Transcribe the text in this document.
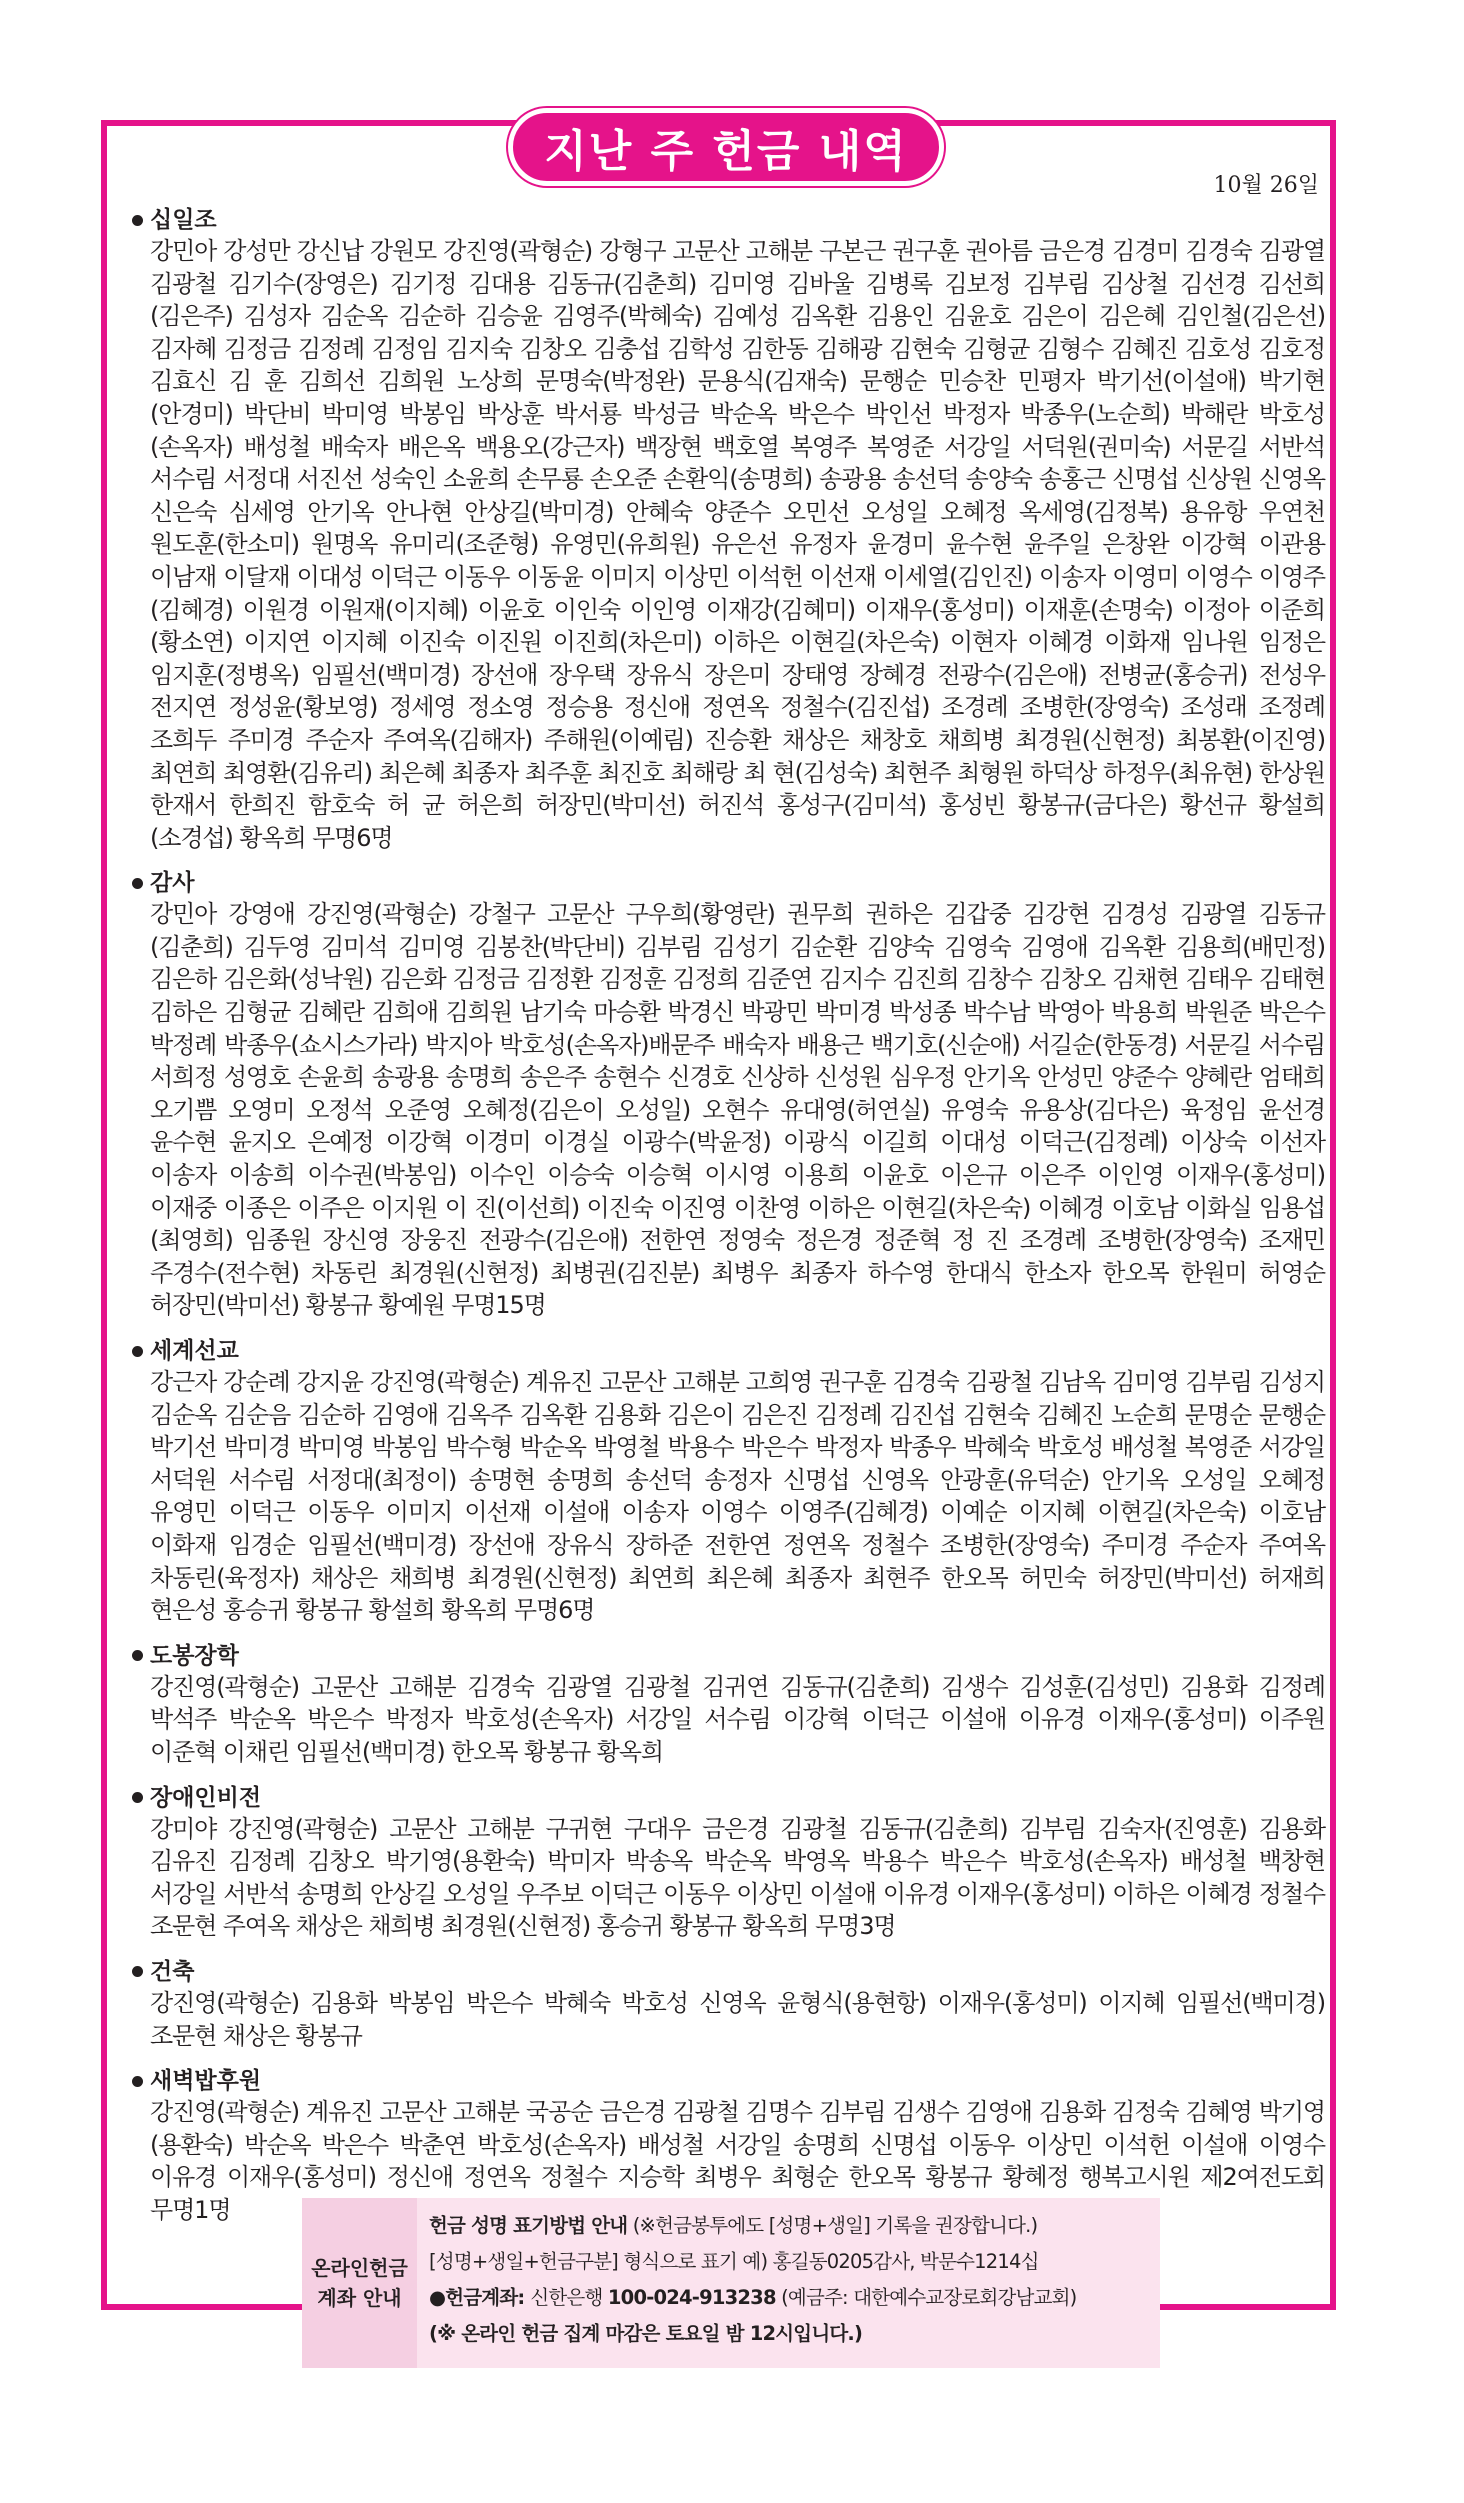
지난 주 헌금 내역
10월 26일
십일조
강민아 강성만 강신납 강원모 강진영(곽형순) 강형구 고문산 고해분 구본근 권구훈 권아름 금은경 김경미 김경숙 김광열 김광철 김기수(장영은) 김기정 김대용 김동규(김춘희) 김미영 김바울 김병록 김보정 김부림 김상철 김선경 김선희(김은주) 김성자 김순옥 김순하 김승윤 김영주(박혜숙) 김예성 김옥환 김용인 김윤호 김은이 김은혜 김인철(김은선) 김자혜 김정금 김정례 김정임 김지숙 김창오 김충섭 김학성 김한동 김해광 김현숙 김형균 김형수 김혜진 김호성 김호정 김효신 김 훈 김희선 김희원 노상희 문명숙(박정완) 문용식(김재숙) 문행순 민승찬 민평자 박기선(이설애) 박기현(안경미) 박단비 박미영 박봉임 박상훈 박서룡 박성금 박순옥 박은수 박인선 박정자 박종우(노순희) 박해란 박호성(손옥자) 배성철 배숙자 배은옥 백용오(강근자) 백장현 백호열 복영주 복영준 서강일 서덕원(권미숙) 서문길 서반석 서수림 서정대 서진선 성숙인 소윤희 손무룡 손오준 손환익(송명희) 송광용 송선덕 송양숙 송홍근 신명섭 신상원 신영옥 신은숙 심세영 안기옥 안나현 안상길(박미경) 안혜숙 양준수 오민선 오성일 오혜정 옥세영(김정복) 용유항 우연천 원도훈(한소미) 원명옥 유미리(조준형) 유영민(유희원) 유은선 유정자 윤경미 윤수현 윤주일 은창완 이강혁 이관용 이남재 이달재 이대성 이덕근 이동우 이동윤 이미지 이상민 이석헌 이선재 이세열(김인진) 이송자 이영미 이영수 이영주(김혜경) 이원경 이원재(이지혜) 이윤호 이인숙 이인영 이재강(김혜미) 이재우(홍성미) 이재훈(손명숙) 이정아 이준희(황소연) 이지연 이지혜 이진숙 이진원 이진희(차은미) 이하은 이현길(차은숙) 이현자 이혜경 이화재 임나원 임정은 임지훈(정병옥) 임필선(백미경) 장선애 장우택 장유식 장은미 장태영 장혜경 전광수(김은애) 전병균(홍승귀) 전성우 전지연 정성윤(황보영) 정세영 정소영 정승용 정신애 정연옥 정철수(김진섭) 조경례 조병한(장영숙) 조성래 조정례 조희두 주미경 주순자 주여옥(김해자) 주해원(이예림) 진승환 채상은 채창호 채희병 최경원(신현정) 최봉환(이진영) 최연희 최영환(김유리) 최은혜 최종자 최주훈 최진호 최해랑 최 현(김성숙) 최현주 최형원 하덕상 하정우(최유현) 한상원 한재서 한희진 함호숙 허 균 허은희 허장민(박미선) 허진석 홍성구(김미석) 홍성빈 황봉규(금다은) 황선규 황설희(소경섭) 황옥희 무명6명
감사
강민아 강영애 강진영(곽형순) 강철구 고문산 구우희(황영란) 권무희 권하은 김갑중 김강현 김경성 김광열 김동규(김춘희) 김두영 김미석 김미영 김봉찬(박단비) 김부림 김성기 김순환 김양숙 김영숙 김영애 김옥환 김용희(배민정) 김은하 김은화(성낙원) 김은화 김정금 김정환 김정훈 김정희 김준연 김지수 김진희 김창수 김창오 김채현 김태우 김태현 김하은 김형균 김혜란 김희애 김희원 남기숙 마승환 박경신 박광민 박미경 박성종 박수남 박영아 박용희 박원준 박은수 박정례 박종우(쇼시스가라) 박지아 박호성(손옥자)배문주 배숙자 배용근 백기호(신순애) 서길순(한동경) 서문길 서수림 서희정 성영호 손윤희 송광용 송명희 송은주 송현수 신경호 신상하 신성원 심우정 안기옥 안성민 양준수 양혜란 엄태희 오기쁨 오영미 오정석 오준영 오혜정(김은이 오성일) 오현수 유대영(허연실) 유영숙 유용상(김다은) 육정임 윤선경 윤수현 윤지오 은예정 이강혁 이경미 이경실 이광수(박윤정) 이광식 이길희 이대성 이덕근(김정례) 이상숙 이선자 이송자 이송희 이수권(박봉임) 이수인 이승숙 이승혁 이시영 이용희 이윤호 이은규 이은주 이인영 이재우(홍성미) 이재중 이종은 이주은 이지원 이 진(이선희) 이진숙 이진영 이찬영 이하은 이현길(차은숙) 이혜경 이호남 이화실 임용섭(최영희) 임종원 장신영 장웅진 전광수(김은애) 전한연 정영숙 정은경 정준혁 정 진 조경례 조병한(장영숙) 조재민 주경수(전수현) 차동린 최경원(신현정) 최병권(김진분) 최병우 최종자 하수영 한대식 한소자 한오목 한원미 허영순 허장민(박미선) 황봉규 황예원 무명15명
세계선교
강근자 강순례 강지윤 강진영(곽형순) 계유진 고문산 고해분 고희영 권구훈 김경숙 김광철 김남옥 김미영 김부림 김성지 김순옥 김순음 김순하 김영애 김옥주 김옥환 김용화 김은이 김은진 김정례 김진섭 김현숙 김혜진 노순희 문명순 문행순 박기선 박미경 박미영 박봉임 박수형 박순옥 박영철 박용수 박은수 박정자 박종우 박혜숙 박호성 배성철 복영준 서강일 서덕원 서수림 서정대(최정이) 송명현 송명희 송선덕 송정자 신명섭 신영옥 안광훈(유덕순) 안기옥 오성일 오혜정 유영민 이덕근 이동우 이미지 이선재 이설애 이송자 이영수 이영주(김혜경) 이예순 이지혜 이현길(차은숙) 이호남 이화재 임경순 임필선(백미경) 장선애 장유식 장하준 전한연 정연옥 정철수 조병한(장영숙) 주미경 주순자 주여옥 차동린(육정자) 채상은 채희병 최경원(신현정) 최연희 최은혜 최종자 최현주 한오목 허민숙 허장민(박미선) 허재희 현은성 홍승귀 황봉규 황설희 황옥희 무명6명
도봉장학
강진영(곽형순) 고문산 고해분 김경숙 김광열 김광철 김귀연 김동규(김춘희) 김생수 김성훈(김성민) 김용화 김정례 박석주 박순옥 박은수 박정자 박호성(손옥자) 서강일 서수림 이강혁 이덕근 이설애 이유경 이재우(홍성미) 이주원 이준혁 이채린 임필선(백미경) 한오목 황봉규 황옥희
장애인비전
강미야 강진영(곽형순) 고문산 고해분 구귀현 구대우 금은경 김광철 김동규(김춘희) 김부림 김숙자(진영훈) 김용화 김유진 김정례 김창오 박기영(용환숙) 박미자 박송옥 박순옥 박영옥 박용수 박은수 박호성(손옥자) 배성철 백창현 서강일 서반석 송명희 안상길 오성일 우주보 이덕근 이동우 이상민 이설애 이유경 이재우(홍성미) 이하은 이혜경 정철수 조문현 주여옥 채상은 채희병 최경원(신현정) 홍승귀 황봉규 황옥희 무명3명
건축
강진영(곽형순) 김용화 박봉임 박은수 박혜숙 박호성 신영옥 윤형식(용현항) 이재우(홍성미) 이지혜 임필선(백미경) 조문현 채상은 황봉규
새벽밥후원
강진영(곽형순) 계유진 고문산 고해분 국공순 금은경 김광철 김명수 김부림 김생수 김영애 김용화 김정숙 김혜영 박기영(용환숙) 박순옥 박은수 박춘연 박호성(손옥자) 배성철 서강일 송명희 신명섭 이동우 이상민 이석헌 이설애 이영수 이유경 이재우(홍성미) 정신애 정연옥 정철수 지승학 최병우 최형순 한오목 황봉규 황혜정 행복고시원 제2여전도회 무명1명
온라인헌금
계좌 안내
헌금 성명 표기방법 안내 (※헌금봉투에도 [성명+생일] 기록을 권장합니다.)
[성명+생일+헌금구분] 형식으로 표기 예) 홍길동0205감사, 박문수1214십
●헌금계좌: 신한은행 100-024-913238 (예금주: 대한예수교장로회강남교회)
(※ 온라인 헌금 집계 마감은 토요일 밤 12시입니다.)
